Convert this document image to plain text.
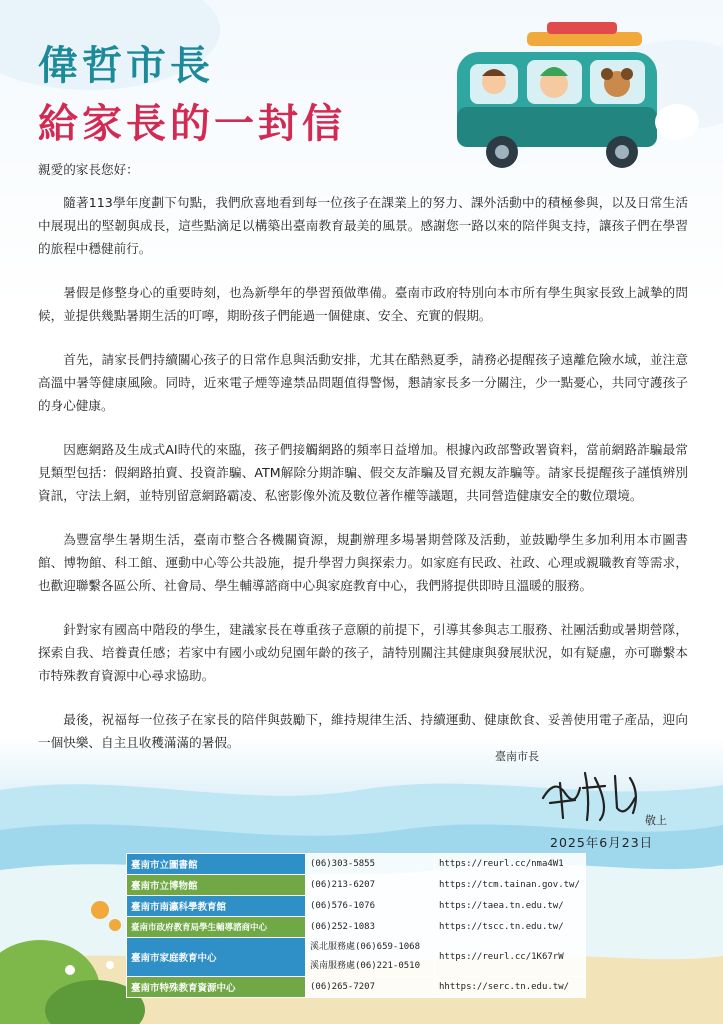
偉哲市長
給家長的一封信

親愛的家長您好：

隨著113學年度劃下句點，我們欣喜地看到每一位孩子在課業上的努力、課外活動中的積極參與，以及日常生活中展現出的堅韌與成長，這些點滴足以構築出臺南教育最美的風景。感謝您一路以來的陪伴與支持，讓孩子們在學習的旅程中穩健前行。

暑假是修整身心的重要時刻，也為新學年的學習預做準備。臺南市政府特別向本市所有學生與家長致上誠摯的問候，並提供幾點暑期生活的叮嚀，期盼孩子們能過一個健康、安全、充實的假期。

首先，請家長們持續關心孩子的日常作息與活動安排，尤其在酷熱夏季，請務必提醒孩子遠離危險水域，並注意高溫中暑等健康風險。同時，近來電子煙等違禁品問題值得警惕，懇請家長多一分關注，少一點憂心，共同守護孩子的身心健康。

因應網路及生成式AI時代的來臨，孩子們接觸網路的頻率日益增加。根據內政部警政署資料，當前網路詐騙最常見類型包括：假網路拍賣、投資詐騙、ATM解除分期詐騙、假交友詐騙及冒充親友詐騙等。請家長提醒孩子謹慎辨別資訊，守法上網，並特別留意網路霸凌、私密影像外流及數位著作權等議題，共同營造健康安全的數位環境。

為豐富學生暑期生活，臺南市整合各機關資源，規劃辦理多場暑期營隊及活動，並鼓勵學生多加利用本市圖書館、博物館、科工館、運動中心等公共設施，提升學習力與探索力。如家庭有民政、社政、心理或親職教育等需求，也歡迎聯繫各區公所、社會局、學生輔導諮商中心與家庭教育中心，我們將提供即時且溫暖的服務。

針對家有國高中階段的學生，建議家長在尊重孩子意願的前提下，引導其參與志工服務、社團活動或暑期營隊，探索自我、培養責任感；若家中有國小或幼兒園年齡的孩子，請特別關注其健康與發展狀況，如有疑慮，亦可聯繫本市特殊教育資源中心尋求協助。

最後，祝福每一位孩子在家長的陪伴與鼓勵下，維持規律生活、持續運動、健康飲食、妥善使用電子產品，迎向一個快樂、自主且收穫滿滿的暑假。

臺南市長
敬上
2025年6月23日
臺南市立圖書館	(06)303-5855	https://reurl.cc/nma4W1
臺南市立博物館	(06)213-6207	https://tcm.tainan.gov.tw/
臺南市南瀛科學教育館	(06)576-1076	https://taea.tn.edu.tw/
臺南市政府教育局學生輔導諮商中心	(06)252-1083	https://tscc.tn.edu.tw/
臺南市家庭教育中心	溪北服務處(06)659-1068
溪南服務處(06)221-0510	https://reurl.cc/1K67rW
臺南市特殊教育資源中心	(06)265-7207	hhttps://serc.tn.edu.tw/
